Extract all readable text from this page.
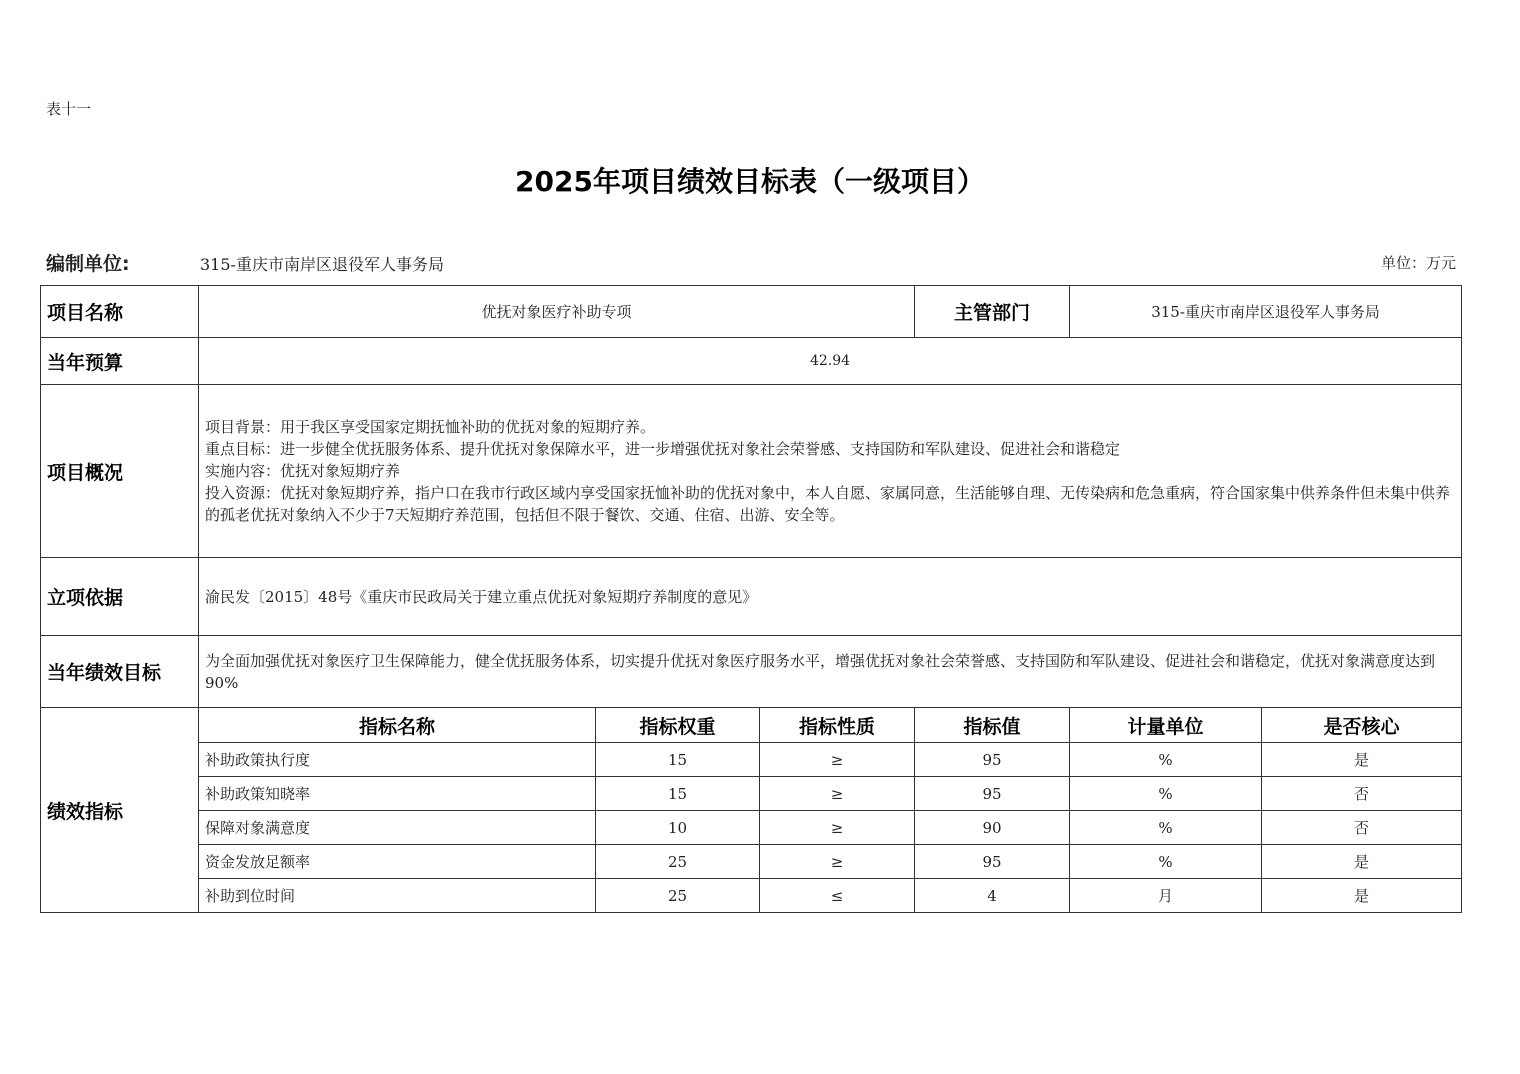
表十一
2025年项目绩效目标表（一级项目）
编制单位:	315-重庆市南岸区退役军人事务局	单位：万元
项目名称	优抚对象医疗补助专项			主管部门	315-重庆市南岸区退役军人事务局	
当年预算	42.94					
项目概况	项目背景：用于我区享受国家定期抚恤补助的优抚对象的短期疗养。
重点目标：进一步健全优抚服务体系、提升优抚对象保障水平，进一步增强优抚对象社会荣誉感、支持国防和军队建设、促进社会和谐稳定
实施内容：优抚对象短期疗养
投入资源：优抚对象短期疗养，指户口在我市行政区域内享受国家抚恤补助的优抚对象中，本人自愿、家属同意，生活能够自理、无传染病和危急重病，符合国家集中供养条件但未集中供养的孤老优抚对象纳入不少于7天短期疗养范围，包括但不限于餐饮、交通、住宿、出游、安全等。					

立项依据	渝民发〔2015〕48号《重庆市民政局关于建立重点优抚对象短期疗养制度的意见》					
当年绩效目标	为全面加强优抚对象医疗卫生保障能力，健全优抚服务体系，切实提升优抚对象医疗服务水平，增强优抚对象社会荣誉感、支持国防和军队建设、促进社会和谐稳定，优抚对象满意度达到90%					
绩效指标	指标名称	指标权重	指标性质	指标值	计量单位	是否核心
	补助政策执行度	15	≥	95	%	是
	补助政策知晓率	15	≥	95	%	否
	保障对象满意度	10	≥	90	%	否
	资金发放足额率	25	≥	95	%	是
	补助到位时间	25	≤	4	月	是
